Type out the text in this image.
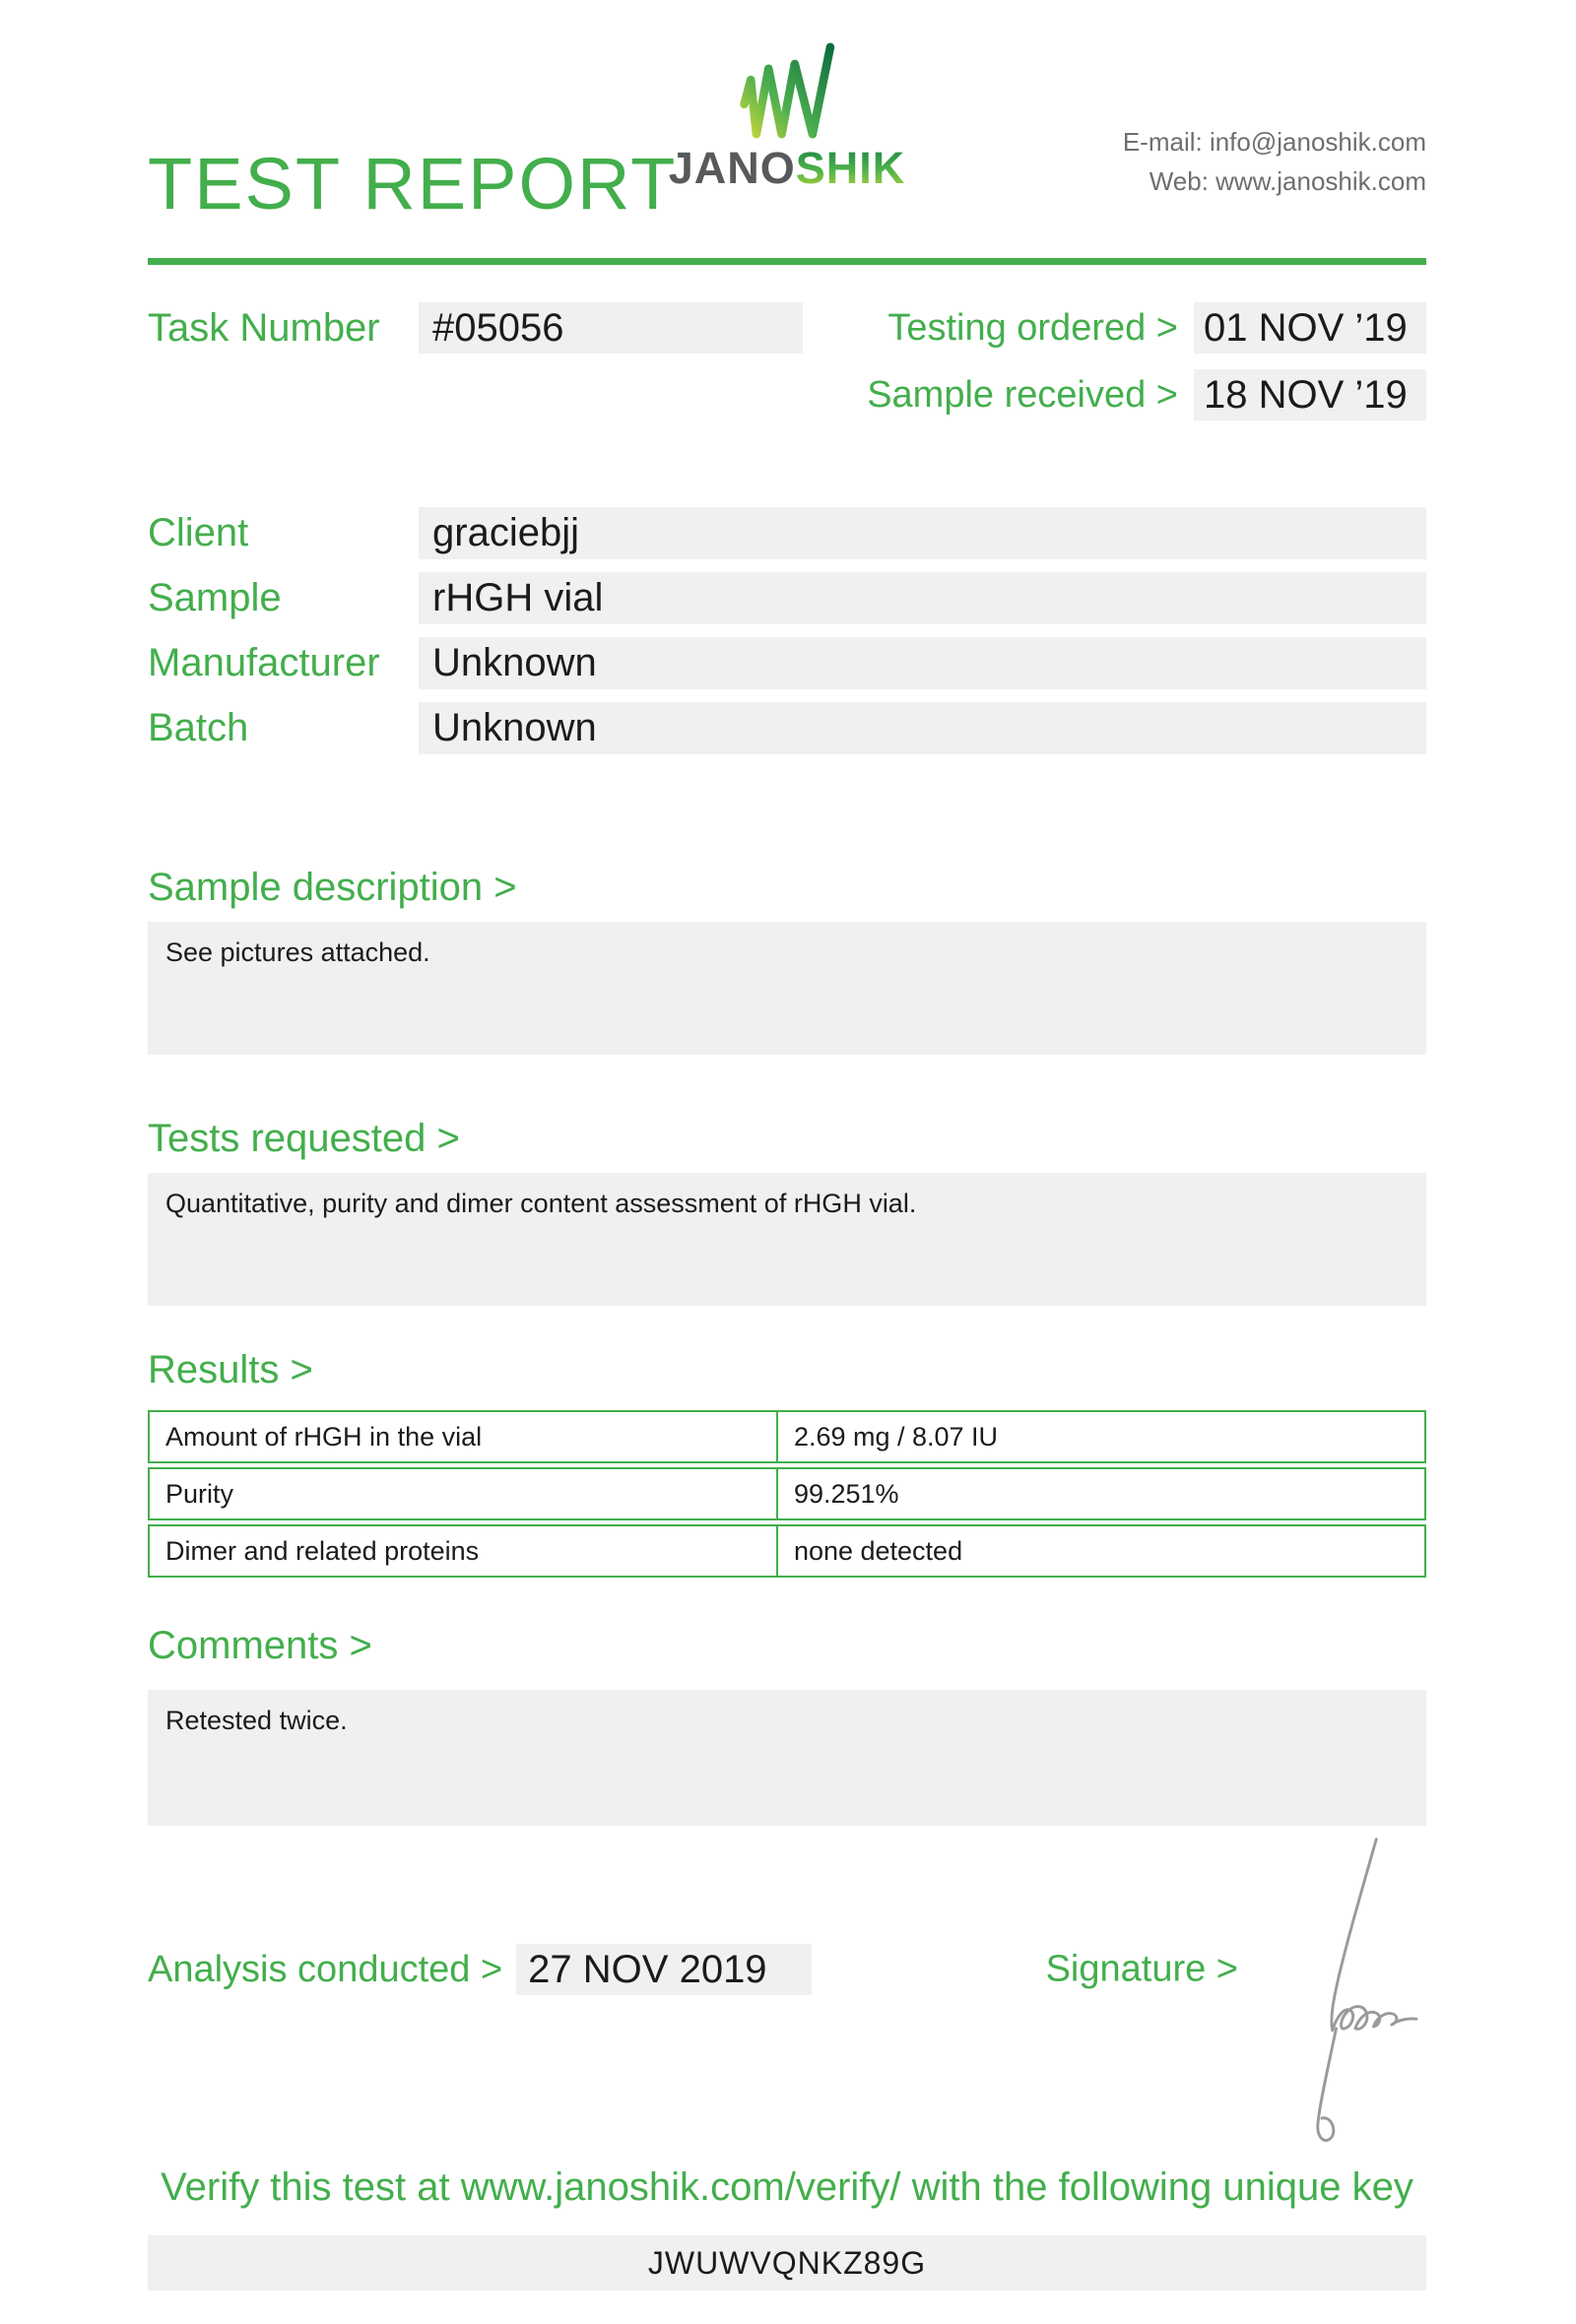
TEST REPORT
JANOSHIK
E-mail: info@janoshik.com
Web: www.janoshik.com
Task Number	#05056	Testing ordered > 01 NOV ’19
Sample received > 18 NOV ’19
Client	graciebjj
Sample	rHGH vial
Manufacturer	Unknown
Batch	Unknown
Sample description >
See pictures attached.
Tests requested >
Quantitative, purity and dimer content assessment of rHGH vial.
Results >
Amount of rHGH in the vial	2.69 mg / 8.07 IU
Purity	99.251%
Dimer and related proteins	none detected
Comments >
Retested twice.
Analysis conducted > 27 NOV 2019	Signature >
Verify this test at www.janoshik.com/verify/ with the following unique key
JWUWVQNKZ89G
